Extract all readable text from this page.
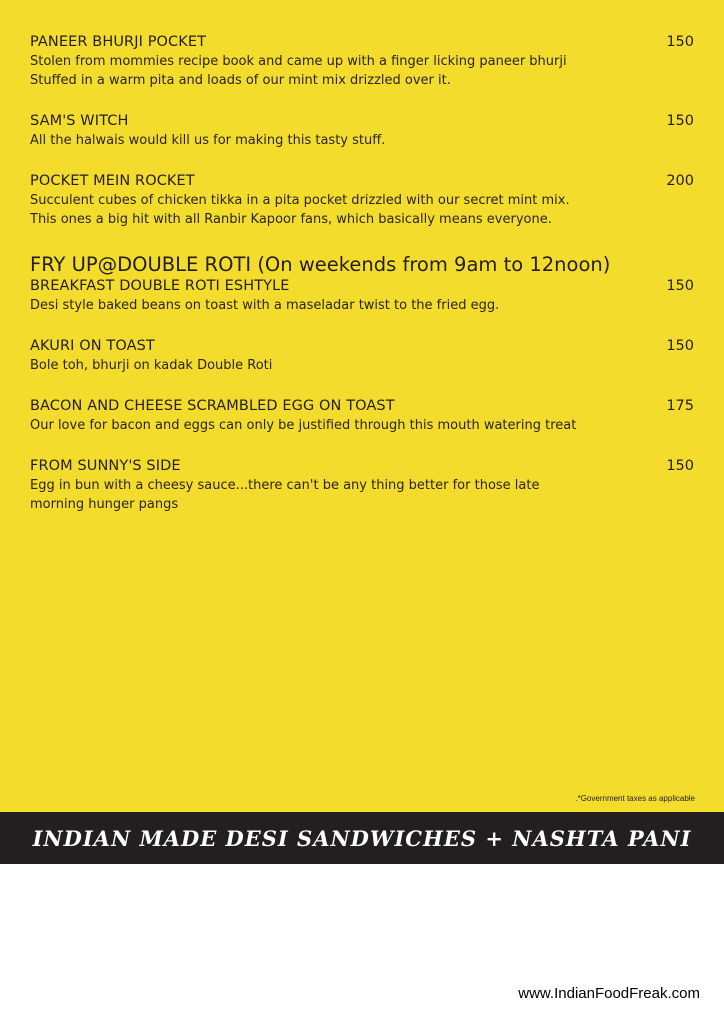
PANEER BHURJI POCKET	150
Stolen from mommies recipe book and came up with a finger licking paneer bhurji
Stuffed in a warm pita and loads of our mint mix drizzled over it.
SAM'S WITCH	150
All the halwais would kill us for making this tasty stuff.
POCKET MEIN ROCKET	200
Succulent cubes of chicken tikka in a pita pocket drizzled with our secret mint mix.
This ones a big hit with all Ranbir Kapoor fans, which basically means everyone.
FRY UP@DOUBLE ROTI (On weekends from 9am to 12noon)
BREAKFAST DOUBLE ROTI ESHTYLE	150
Desi style baked beans on toast with a maseladar twist to the fried egg.
AKURI ON TOAST	150
Bole toh, bhurji on kadak Double Roti
BACON AND CHEESE SCRAMBLED EGG ON TOAST	175
Our love for bacon and eggs can only be justified through this mouth watering treat
FROM SUNNY'S SIDE	150
Egg in bun with a cheesy sauce...there can't be any thing better for those late
morning hunger pangs
.*Government taxes as applicable
INDIAN MADE DESI SANDWICHES + NASHTA PANI
www.IndianFoodFreak.com
